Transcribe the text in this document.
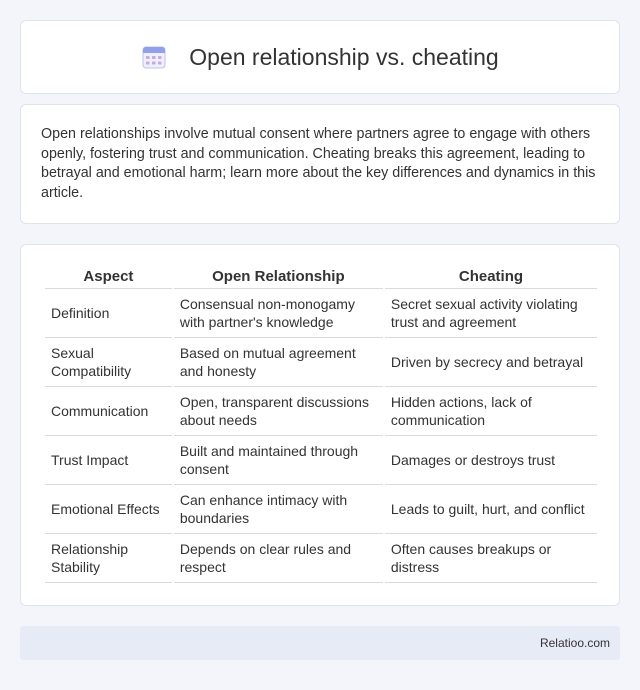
Open relationship vs. cheating

Open relationships involve mutual consent where partners agree to engage with others openly, fostering trust and communication. Cheating breaks this agreement, leading to betrayal and emotional harm; learn more about the key differences and dynamics in this article.

Aspect	Open Relationship	Cheating
Definition	Consensual non-monogamy with partner's knowledge	Secret sexual activity violating trust and agreement
Sexual Compatibility	Based on mutual agreement and honesty	Driven by secrecy and betrayal
Communication	Open, transparent discussions about needs	Hidden actions, lack of communication
Trust Impact	Built and maintained through consent	Damages or destroys trust
Emotional Effects	Can enhance intimacy with boundaries	Leads to guilt, hurt, and conflict
Relationship Stability	Depends on clear rules and respect	Often causes breakups or distress
Relatioo.com
